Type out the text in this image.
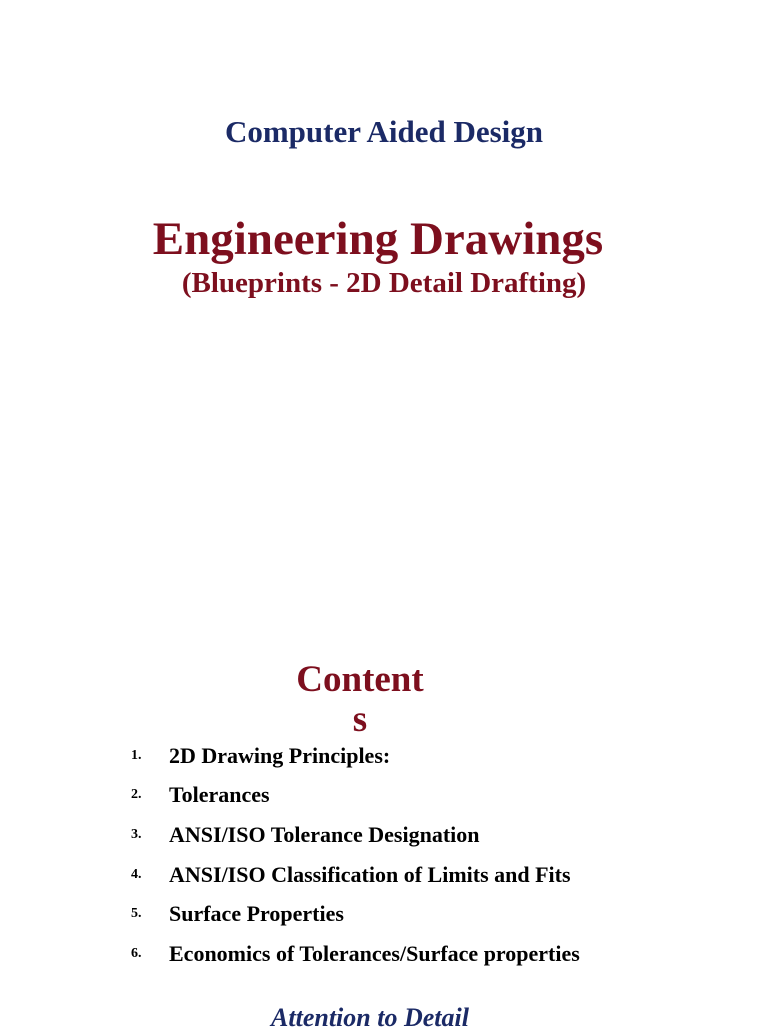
Computer Aided Design
Engineering Drawings
(Blueprints - 2D Detail Drafting)
Contents
1.	2D Drawing Principles:
2.	Tolerances
3.	ANSI/ISO Tolerance Designation
4.	ANSI/ISO Classification of Limits and Fits
5.	Surface Properties
6.	Economics of Tolerances/Surface properties
Attention to Detail
